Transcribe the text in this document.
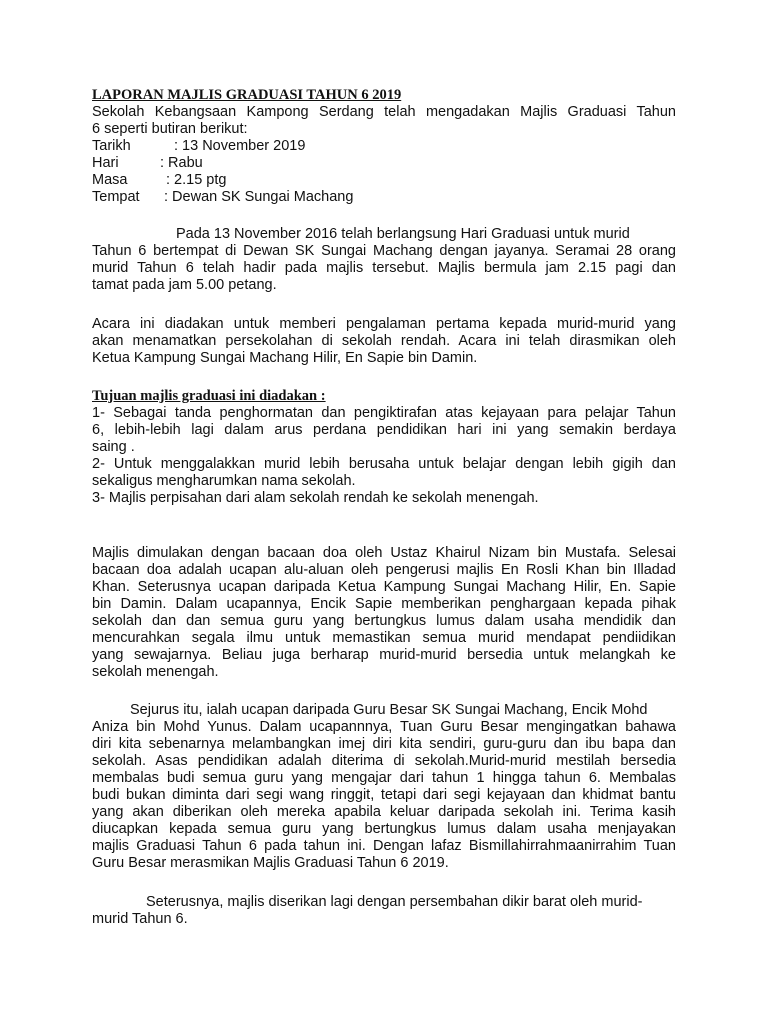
LAPORAN MAJLIS GRADUASI TAHUN 6 2019
Sekolah Kebangsaan Kampong Serdang telah mengadakan Majlis Graduasi Tahun
6 seperti butiran berikut:
Tarikh	: 13 November 2019
Hari	: Rabu
Masa	: 2.15 ptg
Tempat : Dewan SK Sungai Machang
Pada 13 November 2016 telah berlangsung Hari Graduasi untuk murid
Tahun 6 bertempat di Dewan SK Sungai Machang dengan jayanya. Seramai 28 orang
murid Tahun 6 telah hadir pada majlis tersebut. Majlis bermula jam 2.15 pagi dan
tamat pada jam 5.00 petang.
Acara ini diadakan untuk memberi pengalaman pertama kepada murid-murid yang
akan menamatkan persekolahan di sekolah rendah. Acara ini telah dirasmikan oleh
Ketua Kampung Sungai Machang Hilir, En Sapie bin Damin.
Tujuan majlis graduasi ini diadakan :
1- Sebagai tanda penghormatan dan pengiktirafan atas kejayaan para pelajar Tahun
6, lebih-lebih lagi dalam arus perdana pendidikan hari ini yang semakin berdaya
saing .
2- Untuk menggalakkan murid lebih berusaha untuk belajar dengan lebih gigih dan
sekaligus mengharumkan nama sekolah.
3- Majlis perpisahan dari alam sekolah rendah ke sekolah menengah.
Majlis dimulakan dengan bacaan doa oleh Ustaz Khairul Nizam bin Mustafa. Selesai
bacaan doa adalah ucapan alu-aluan oleh pengerusi majlis En Rosli Khan bin Illadad
Khan. Seterusnya ucapan daripada Ketua Kampung Sungai Machang Hilir, En. Sapie
bin Damin. Dalam ucapannya, Encik Sapie memberikan penghargaan kepada pihak
sekolah dan dan semua guru yang bertungkus lumus dalam usaha mendidik dan
mencurahkan segala ilmu untuk memastikan semua murid mendapat pendiidikan
yang sewajarnya. Beliau juga berharap murid-murid bersedia untuk melangkah ke
sekolah menengah.
Sejurus itu, ialah ucapan daripada Guru Besar SK Sungai Machang, Encik Mohd
Aniza bin Mohd Yunus. Dalam ucapannnya, Tuan Guru Besar mengingatkan bahawa
diri kita sebenarnya melambangkan imej diri kita sendiri, guru-guru dan ibu bapa dan
sekolah. Asas pendidikan adalah diterima di sekolah.Murid-murid mestilah bersedia
membalas budi semua guru yang mengajar dari tahun 1 hingga tahun 6. Membalas
budi bukan diminta dari segi wang ringgit, tetapi dari segi kejayaan dan khidmat bantu
yang akan diberikan oleh mereka apabila keluar daripada sekolah ini. Terima kasih
diucapkan kepada semua guru yang bertungkus lumus dalam usaha menjayakan
majlis Graduasi Tahun 6 pada tahun ini. Dengan lafaz Bismillahirrahmaanirrahim Tuan
Guru Besar merasmikan Majlis Graduasi Tahun 6 2019.
Seterusnya, majlis diserikan lagi dengan persembahan dikir barat oleh murid-
murid Tahun 6.
